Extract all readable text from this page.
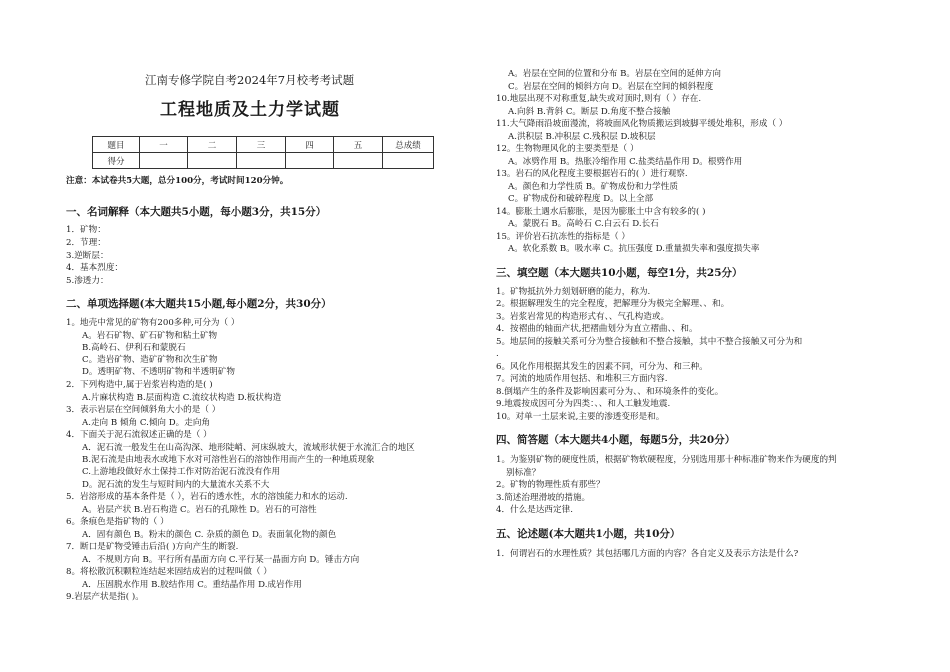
江南专修学院自考2024年7月校考考试题
工程地质及土力学试题
题目	一	二	三	四	五	总成绩
得分						
注意：本试卷共5大题，总分100分，考试时间120分钟。
一、名词解释（本大题共5小题，每小题3分，共15分）
1．矿物：
2．节理：
3.逆断层：
4．基本烈度：
5.渗透力：
二、单项选择题(本大题共15小题,每小题2分，共30分）
1。地壳中常见的矿物有200多种,可分为（ ）
A。岩石矿物、矿石矿物和粘土矿物
B.高岭石、伊利石和蒙脱石
C。造岩矿物、造矿矿物和次生矿物
D。透明矿物、不透明矿物和半透明矿物
2．下列构造中,属于岩浆岩构造的是( )
A.片麻状构造 B.层面构造 C.流纹状构造 D.板状构造
3．表示岩层在空间倾斜角大小的是（ ）
A.走向 B 倾角 C.倾向 D。走向角
4．下面关于泥石流叙述正确的是（ ）
A．泥石流一般发生在山高沟深、地形陡峭、河床纵坡大，流域形状便于水流汇合的地区
B.泥石流是由地表水或地下水对可溶性岩石的溶蚀作用而产生的一种地质现象
C.上游地段做好水土保持工作对防治泥石流没有作用
D。泥石流的发生与短时间内的大量流水关系不大
5．岩溶形成的基本条件是（ ），岩石的透水性，水的溶蚀能力和水的运动.
A。岩层产状 B.岩石构造 C。岩石的孔隙性 D。岩石的可溶性
6。条痕色是指矿物的（ ）
A．固有颜色 B。粉末的颜色 C. 杂质的颜色 D。表面氧化物的颜色
7．断口是矿物受锤击后沿( )方向产生的断裂.
A．不规则方向 B。平行所有晶面方向 C.平行某一晶面方向 D。锤击方向
8。将松散沉积颗粒连结起来固结成岩的过程叫做（ ）
A．压固脱水作用 B.胶结作用 C。重结晶作用 D.成岩作用
9.岩层产状是指( )。
A。岩层在空间的位置和分布 B。岩层在空间的延伸方向
C。岩层在空间的倾斜方向 D。岩层在空间的倾斜程度
10.地层出现不对称重复,缺失或对顶时,则有（ ）存在.
A.向斜 B.背斜 C。断层 D.角度不整合接触
11.大气降雨沿坡面漫流，将坡面风化物质搬运到坡脚平缓处堆积，形成（ ）
A.洪积层 B.冲积层 C.残积层 D.坡积层
12。生物物理风化的主要类型是（ ）
A。冰劈作用 B。热胀冷缩作用 C.盐类结晶作用 D。根劈作用
13。岩石的风化程度主要根据岩石的( ）进行观察.
A。颜色和力学性质 B。矿物成份和力学性质
C。矿物成份和破碎程度 D。以上全部
14。膨胀土遇水后膨胀，是因为膨胀土中含有较多的( )
A。蒙脱石 B。高岭石 C.白云石 D.长石
15。评价岩石抗冻性的指标是（ ）
A。软化系数 B。吸水率 C。抗压强度 D.重量损失率和强度损失率
三、填空题（本大题共10小题，每空1分，共25分）
1。矿物抵抗外力刻划研磨的能力，称为.
2。根据解理发生的完全程度，把解理分为极完全解理、、和。
3。岩浆岩常见的构造形式有、、气孔构造或。
4．按褶曲的轴面产状,把褶曲划分为直立褶曲、、和。
5。地层间的接触关系可分为整合接触和不整合接触，其中不整合接触又可分为和
.
6。风化作用根据其发生的因素不同，可分为、和三种。
7。河流的地质作用包括、和堆积三方面内容.
8.倒塌产生的条件及影响因素可分为、、和环境条件的变化。
9.地震按成因可分为四类：、、和人工触发地震.
10。对单一土层来说,主要的渗透变形是和。
四、简答题（本大题共4小题，每题5分，共20分）
1。为鉴别矿物的硬度性质，根据矿物软硬程度，分别选用那十种标准矿物来作为硬度的判
别标准？
2。矿物的物理性质有那些？
3.简述治理滑坡的措施。
4．什么是达西定律.
五、论述题(本大题共1小题，共10分）
1．何谓岩石的水理性质？其包括哪几方面的内容？各自定义及表示方法是什么?
